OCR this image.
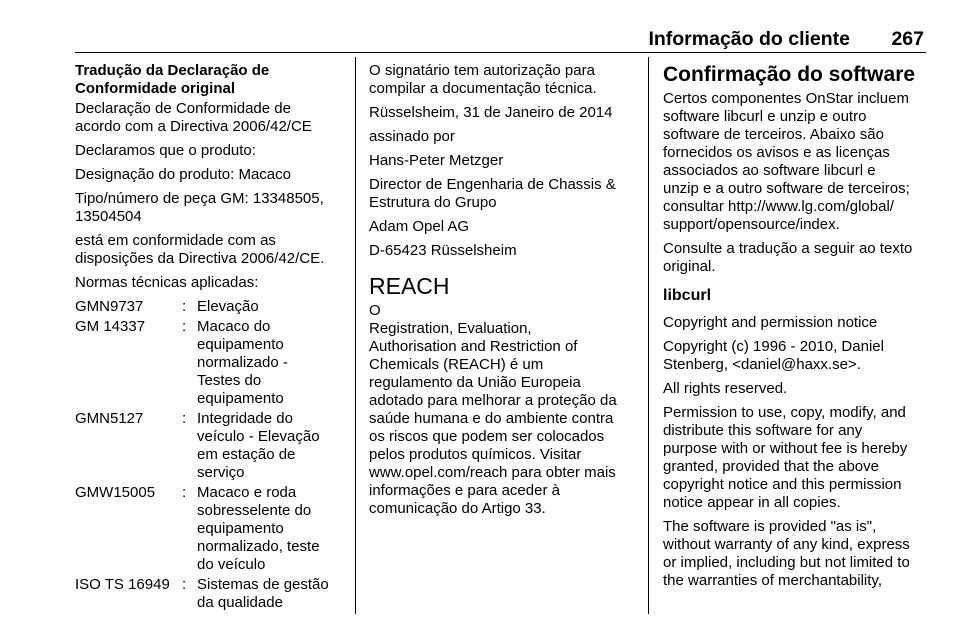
Informação do cliente 267

Tradução da Declaração de
Conformidade original

Declaração de Conformidade de
acordo com a Directiva 2006/42/CE

Declaramos que o produto:

Designação do produto: Macaco

Tipo/número de peça GM: 13348505,
13504504

está em conformidade com as
disposições da Directiva 2006/42/CE.

Normas técnicas aplicadas:

GMN9737	:	Elevação
GM 14337	:	Macaco do
equipamento
normalizado -
Testes do
equipamento
GMN5127	:	Integridade do
veículo - Elevação
em estação de
serviço
GMW15005	:	Macaco e roda
sobresselente do
equipamento
normalizado, teste
do veículo
ISO TS 16949	:	Sistemas de gestão
da qualidade

O signatário tem autorização para
compilar a documentação técnica.

Rüsselsheim, 31 de Janeiro de 2014

assinado por

Hans-Peter Metzger

Director de Engenharia de Chassis &
Estrutura do Grupo

Adam Opel AG

D-65423 Rüsselsheim

REACH

O
Registration, Evaluation,
Authorisation and Restriction of
Chemicals (REACH) é um
regulamento da União Europeia
adotado para melhorar a proteção da
saúde humana e do ambiente contra
os riscos que podem ser colocados
pelos produtos químicos. Visitar
www.opel.com/reach para obter mais
informações e para aceder à
comunicação do Artigo 33.

Confirmação do software

Certos componentes OnStar incluem
software libcurl e unzip e outro
software de terceiros. Abaixo são
fornecidos os avisos e as licenças
associados ao software libcurl e
unzip e a outro software de terceiros;
consultar http://www.lg.com/global/
support/opensource/index.

Consulte a tradução a seguir ao texto
original.

libcurl

Copyright and permission notice

Copyright (c) 1996 - 2010, Daniel
Stenberg, <daniel@haxx.se>.

All rights reserved.

Permission to use, copy, modify, and
distribute this software for any
purpose with or without fee is hereby
granted, provided that the above
copyright notice and this permission
notice appear in all copies.

The software is provided "as is",
without warranty of any kind, express
or implied, including but not limited to
the warranties of merchantability,
